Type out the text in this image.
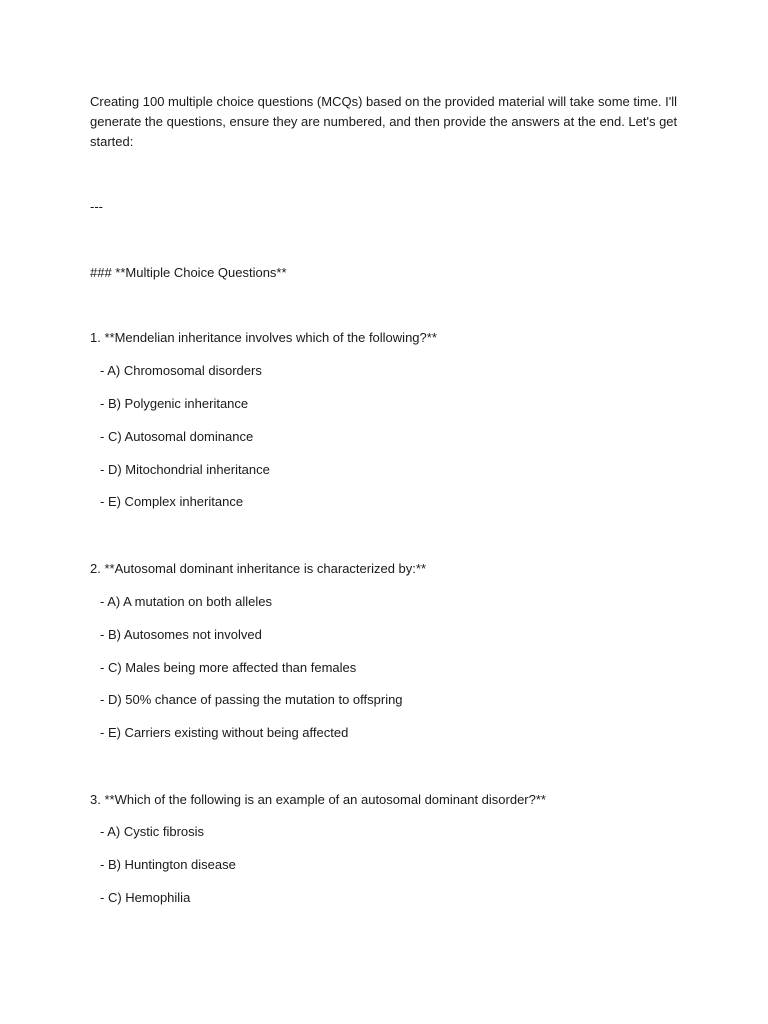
Creating 100 multiple choice questions (MCQs) based on the provided material will take some time. I'll
generate the questions, ensure they are numbered, and then provide the answers at the end. Let's get
started:
---
### **Multiple Choice Questions**
1. **Mendelian inheritance involves which of the following?**
- A) Chromosomal disorders
- B) Polygenic inheritance
- C) Autosomal dominance
- D) Mitochondrial inheritance
- E) Complex inheritance
2. **Autosomal dominant inheritance is characterized by:**
- A) A mutation on both alleles
- B) Autosomes not involved
- C) Males being more affected than females
- D) 50% chance of passing the mutation to offspring
- E) Carriers existing without being affected
3. **Which of the following is an example of an autosomal dominant disorder?**
- A) Cystic fibrosis
- B) Huntington disease
- C) Hemophilia
